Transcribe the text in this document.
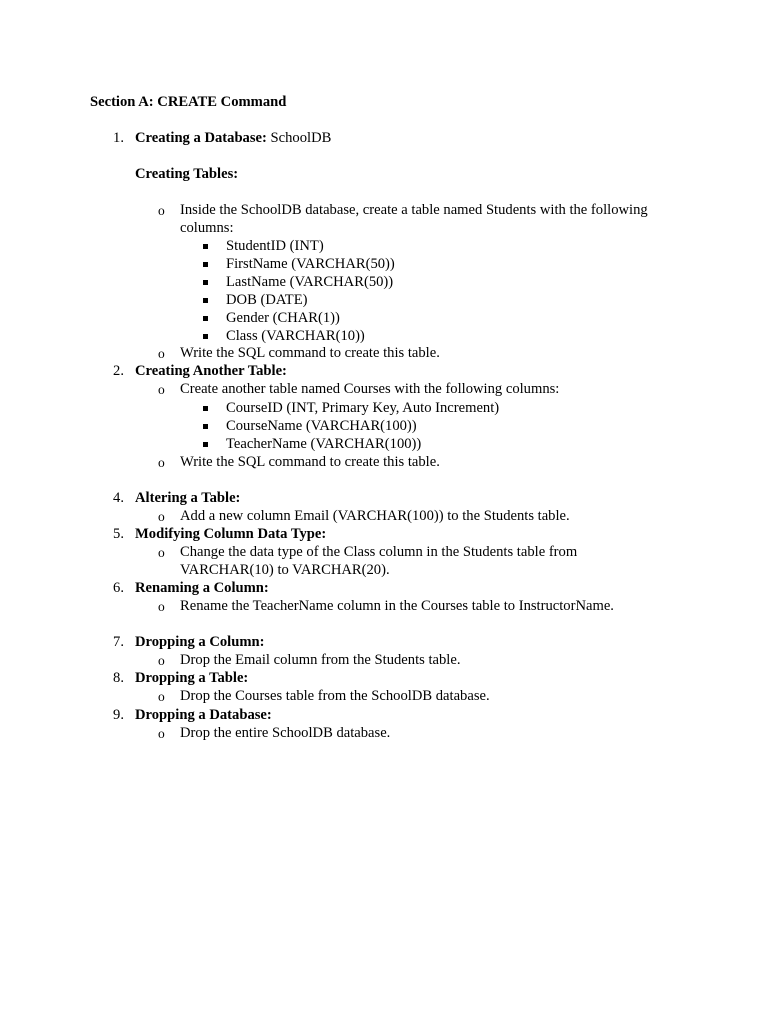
Section A: CREATE Command
1. Creating a Database: SchoolDB
Creating Tables:
o Inside the SchoolDB database, create a table named Students with the following
columns:
StudentID (INT)
FirstName (VARCHAR(50))
LastName (VARCHAR(50))
DOB (DATE)
Gender (CHAR(1))
Class (VARCHAR(10))
o Write the SQL command to create this table.
2. Creating Another Table:
o Create another table named Courses with the following columns:
CourseID (INT, Primary Key, Auto Increment)
CourseName (VARCHAR(100))
TeacherName (VARCHAR(100))
o Write the SQL command to create this table.
4. Altering a Table:
o Add a new column Email (VARCHAR(100)) to the Students table.
5. Modifying Column Data Type:
o Change the data type of the Class column in the Students table from
VARCHAR(10) to VARCHAR(20).
6. Renaming a Column:
o Rename the TeacherName column in the Courses table to InstructorName.
7. Dropping a Column:
o Drop the Email column from the Students table.
8. Dropping a Table:
o Drop the Courses table from the SchoolDB database.
9. Dropping a Database:
o Drop the entire SchoolDB database.
